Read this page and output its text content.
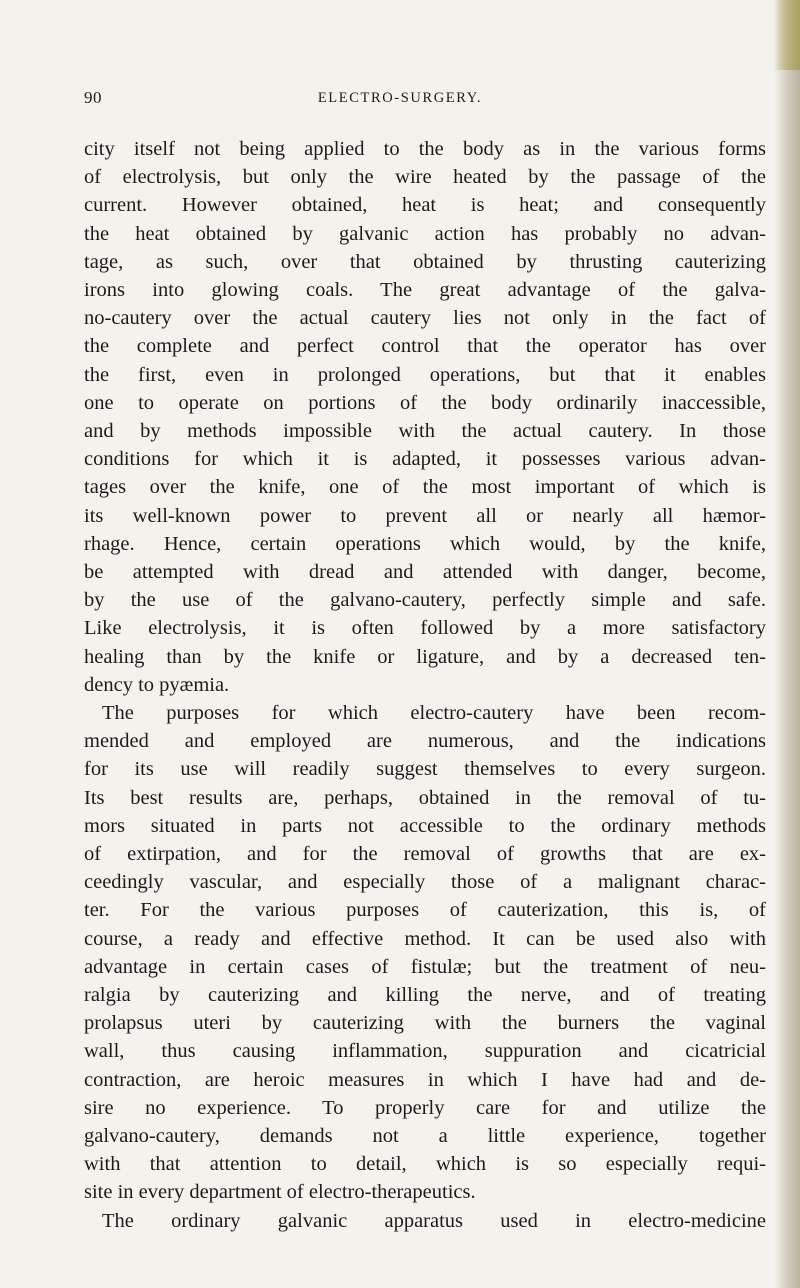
90	ELECTRO-SURGERY.
city itself not being applied to the body as in the various forms
of electrolysis, but only the wire heated by the passage of the
current. However obtained, heat is heat; and consequently
the heat obtained by galvanic action has probably no advan-
tage, as such, over that obtained by thrusting cauterizing
irons into glowing coals. The great advantage of the galva-
no-cautery over the actual cautery lies not only in the fact of
the complete and perfect control that the operator has over
the first, even in prolonged operations, but that it enables
one to operate on portions of the body ordinarily inaccessible,
and by methods impossible with the actual cautery. In those
conditions for which it is adapted, it possesses various advan-
tages over the knife, one of the most important of which is
its well-known power to prevent all or nearly all hæmor-
rhage. Hence, certain operations which would, by the knife,
be attempted with dread and attended with danger, become,
by the use of the galvano-cautery, perfectly simple and safe.
Like electrolysis, it is often followed by a more satisfactory
healing than by the knife or ligature, and by a decreased ten-
dency to pyæmia.
The purposes for which electro-cautery have been recom-
mended and employed are numerous, and the indications
for its use will readily suggest themselves to every surgeon.
Its best results are, perhaps, obtained in the removal of tu-
mors situated in parts not accessible to the ordinary methods
of extirpation, and for the removal of growths that are ex-
ceedingly vascular, and especially those of a malignant charac-
ter. For the various purposes of cauterization, this is, of
course, a ready and effective method. It can be used also with
advantage in certain cases of fistulæ; but the treatment of neu-
ralgia by cauterizing and killing the nerve, and of treating
prolapsus uteri by cauterizing with the burners the vaginal
wall, thus causing inflammation, suppuration and cicatricial
contraction, are heroic measures in which I have had and de-
sire no experience. To properly care for and utilize the
galvano-cautery, demands not a little experience, together
with that attention to detail, which is so especially requi-
site in every department of electro-therapeutics.
The ordinary galvanic apparatus used in electro-medicine
